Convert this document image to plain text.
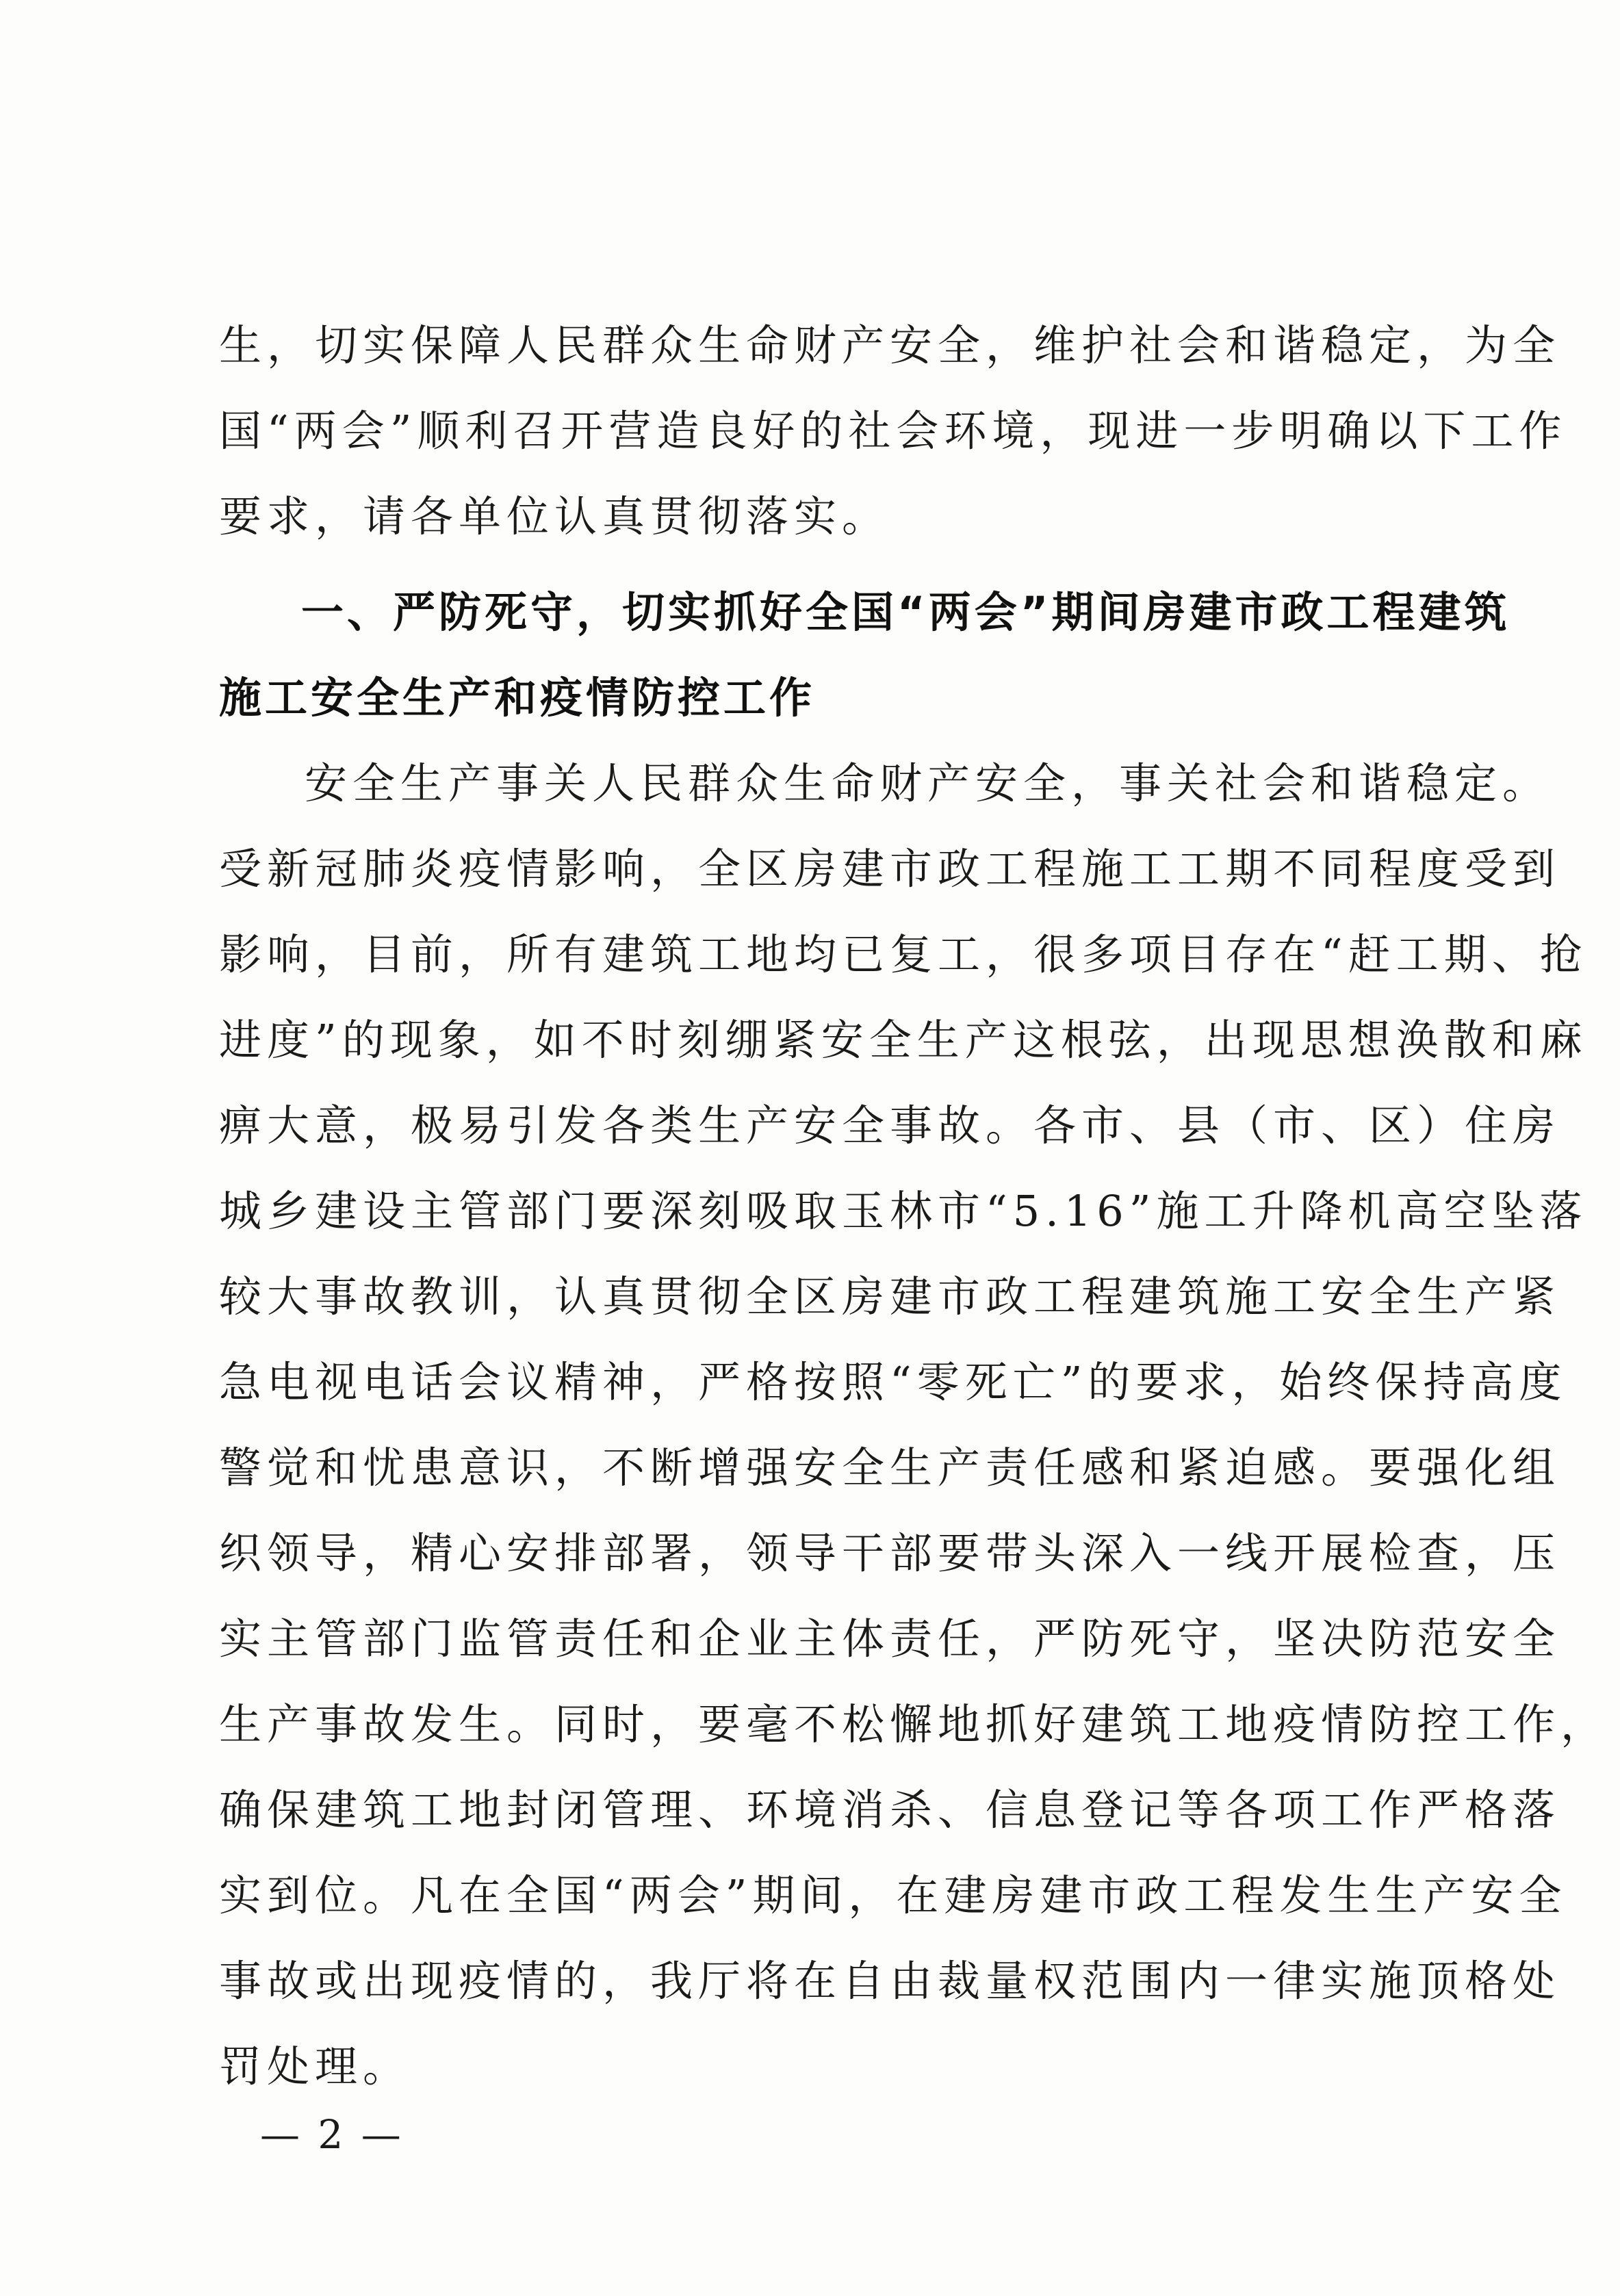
生，切实保障人民群众生命财产安全，维护社会和谐稳定，为全
国“两会”顺利召开营造良好的社会环境，现进一步明确以下工作
要求，请各单位认真贯彻落实。
一、严防死守，切实抓好全国“两会”期间房建市政工程建筑
施工安全生产和疫情防控工作
安全生产事关人民群众生命财产安全，事关社会和谐稳定。
受新冠肺炎疫情影响，全区房建市政工程施工工期不同程度受到
影响，目前，所有建筑工地均已复工，很多项目存在“赶工期、抢
进度”的现象，如不时刻绷紧安全生产这根弦，出现思想涣散和麻
痹大意，极易引发各类生产安全事故。各市、县（市、区）住房
城乡建设主管部门要深刻吸取玉林市“5.16”施工升降机高空坠落
较大事故教训，认真贯彻全区房建市政工程建筑施工安全生产紧
急电视电话会议精神，严格按照“零死亡”的要求，始终保持高度
警觉和忧患意识，不断增强安全生产责任感和紧迫感。要强化组
织领导，精心安排部署，领导干部要带头深入一线开展检查，压
实主管部门监管责任和企业主体责任，严防死守，坚决防范安全
生产事故发生。同时，要毫不松懈地抓好建筑工地疫情防控工作，
确保建筑工地封闭管理、环境消杀、信息登记等各项工作严格落
实到位。凡在全国“两会”期间，在建房建市政工程发生生产安全
事故或出现疫情的，我厅将在自由裁量权范围内一律实施顶格处
罚处理。
— 2 —
